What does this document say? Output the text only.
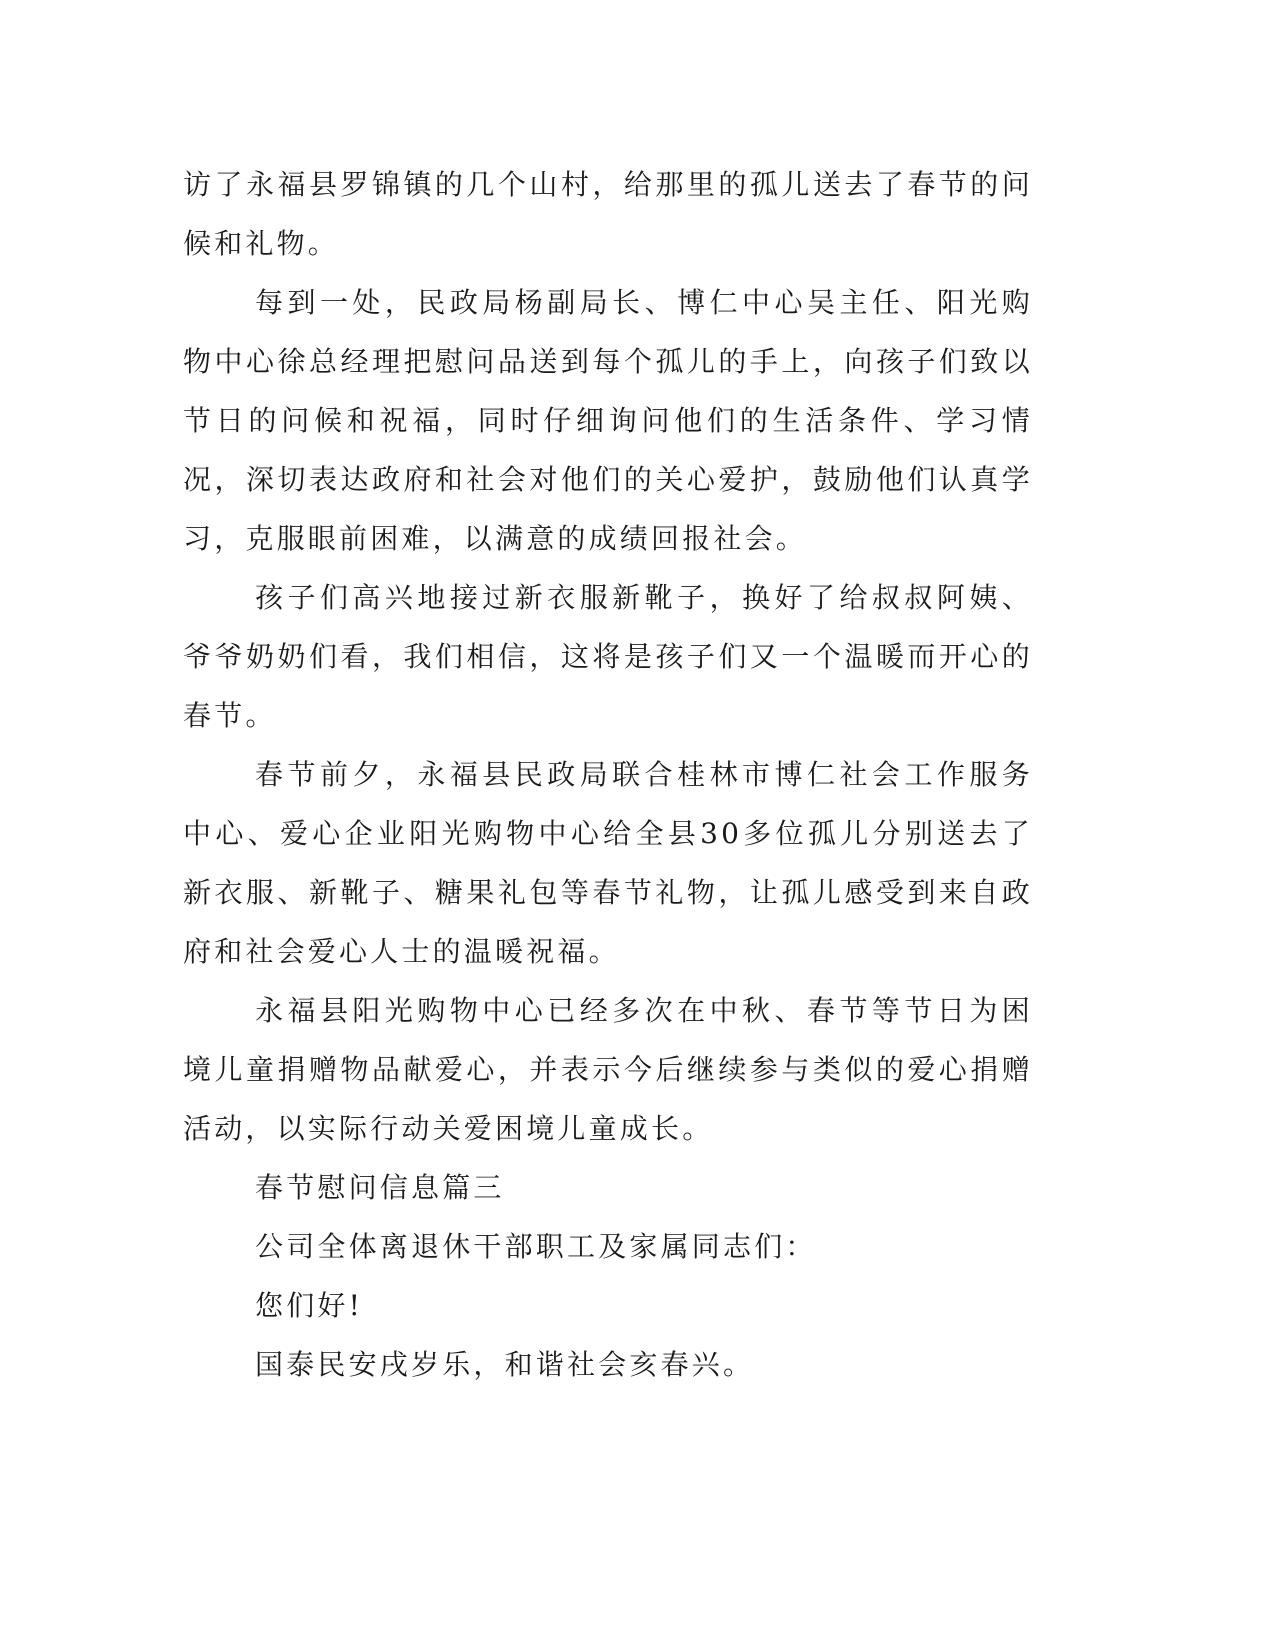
访了永福县罗锦镇的几个山村，给那里的孤儿送去了春节的问候和礼物。

每到一处，民政局杨副局长、博仁中心吴主任、阳光购物中心徐总经理把慰问品送到每个孤儿的手上，向孩子们致以节日的问候和祝福，同时仔细询问他们的生活条件、学习情况，深切表达政府和社会对他们的关心爱护，鼓励他们认真学习，克服眼前困难，以满意的成绩回报社会。

孩子们高兴地接过新衣服新靴子，换好了给叔叔阿姨、爷爷奶奶们看，我们相信，这将是孩子们又一个温暖而开心的春节。

春节前夕，永福县民政局联合桂林市博仁社会工作服务中心、爱心企业阳光购物中心给全县30多位孤儿分别送去了新衣服、新靴子、糖果礼包等春节礼物，让孤儿感受到来自政府和社会爱心人士的温暖祝福。

永福县阳光购物中心已经多次在中秋、春节等节日为困境儿童捐赠物品献爱心，并表示今后继续参与类似的爱心捐赠活动，以实际行动关爱困境儿童成长。

春节慰问信息篇三

公司全体离退休干部职工及家属同志们：

您们好!

国泰民安戌岁乐，和谐社会亥春兴。
